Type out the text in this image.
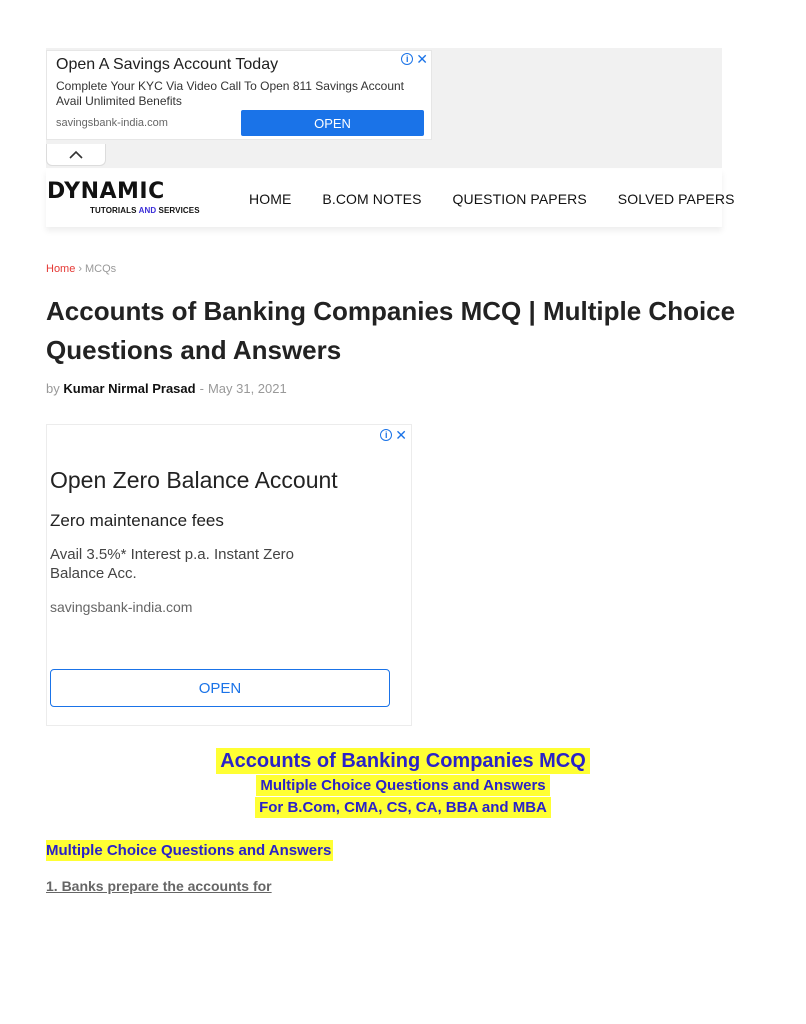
Open A Savings Account Today
Complete Your KYC Via Video Call To Open 811 Savings Account
Avail Unlimited Benefits
savingsbank-india.com	OPEN
i ✕
DYNAMIC
TUTORIALS AND SERVICES
HOME B.COM NOTES QUESTION PAPERS SOLVED PAPERS
Home › MCQs
Accounts of Banking Companies MCQ | Multiple Choice Questions and Answers
by Kumar Nirmal Prasad - May 31, 2021
i ✕
Open Zero Balance Account
Zero maintenance fees
Avail 3.5%* Interest p.a. Instant Zero Balance Acc.
savingsbank-india.com
OPEN
Accounts of Banking Companies MCQ
Multiple Choice Questions and Answers
For B.Com, CMA, CS, CA, BBA and MBA
Multiple Choice Questions and Answers
1. Banks prepare the accounts for
